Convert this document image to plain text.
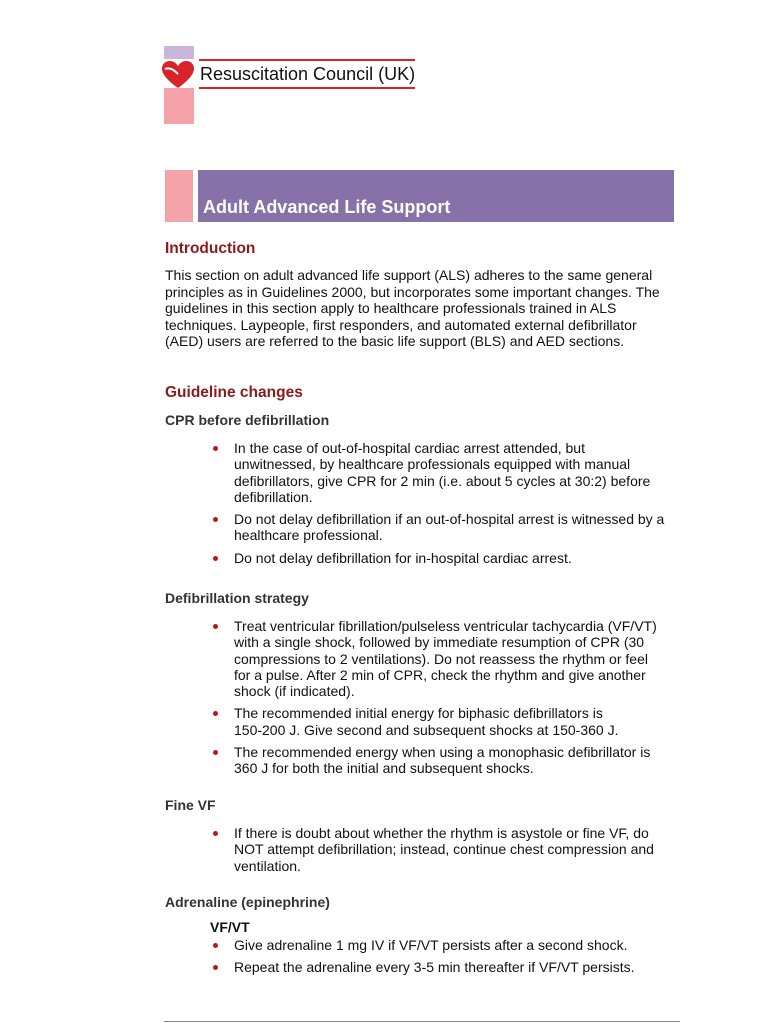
Resuscitation Council (UK)
Adult Advanced Life Support
Introduction
This section on adult advanced life support (ALS) adheres to the same general
principles as in Guidelines 2000, but incorporates some important changes. The
guidelines in this section apply to healthcare professionals trained in ALS
techniques. Laypeople, first responders, and automated external defibrillator
(AED) users are referred to the basic life support (BLS) and AED sections.
Guideline changes
CPR before defibrillation
In the case of out-of-hospital cardiac arrest attended, but
unwitnessed, by healthcare professionals equipped with manual
defibrillators, give CPR for 2 min (i.e. about 5 cycles at 30:2) before
defibrillation.
Do not delay defibrillation if an out-of-hospital arrest is witnessed by a
healthcare professional.
Do not delay defibrillation for in-hospital cardiac arrest.
Defibrillation strategy
Treat ventricular fibrillation/pulseless ventricular tachycardia (VF/VT)
with a single shock, followed by immediate resumption of CPR (30
compressions to 2 ventilations). Do not reassess the rhythm or feel
for a pulse. After 2 min of CPR, check the rhythm and give another
shock (if indicated).
The recommended initial energy for biphasic defibrillators is
150-200 J. Give second and subsequent shocks at 150-360 J.
The recommended energy when using a monophasic defibrillator is
360 J for both the initial and subsequent shocks.
Fine VF
If there is doubt about whether the rhythm is asystole or fine VF, do
NOT attempt defibrillation; instead, continue chest compression and
ventilation.
Adrenaline (epinephrine)
VF/VT
Give adrenaline 1 mg IV if VF/VT persists after a second shock.
Repeat the adrenaline every 3-5 min thereafter if VF/VT persists.
